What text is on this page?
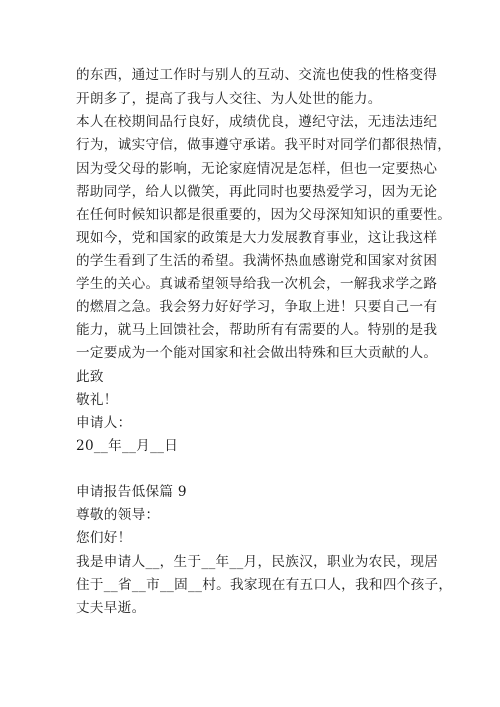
的东西，通过工作时与别人的互动、交流也使我的性格变得
开朗多了，提高了我与人交往、为人处世的能力。
本人在校期间品行良好，成绩优良，遵纪守法，无违法违纪
行为，诚实守信，做事遵守承诺。我平时对同学们都很热情，
因为受父母的影响，无论家庭情况是怎样，但也一定要热心
帮助同学，给人以微笑，再此同时也要热爱学习，因为无论
在任何时候知识都是很重要的，因为父母深知知识的重要性。
现如今，党和国家的政策是大力发展教育事业，这让我这样
的学生看到了生活的希望。我满怀热血感谢党和国家对贫困
学生的关心。真诚希望领导给我一次机会，一解我求学之路
的燃眉之急。我会努力好好学习，争取上进！只要自己一有
能力，就马上回馈社会，帮助所有有需要的人。特别的是我
一定要成为一个能对国家和社会做出特殊和巨大贡献的人。
此致
敬礼！
申请人：
20__年__月__日
申请报告低保篇 9
尊敬的领导：
您们好！
我是申请人__，生于__年__月，民族汉，职业为农民，现居
住于__省__市__固__村。我家现在有五口人，我和四个孩子，
丈夫早逝。
